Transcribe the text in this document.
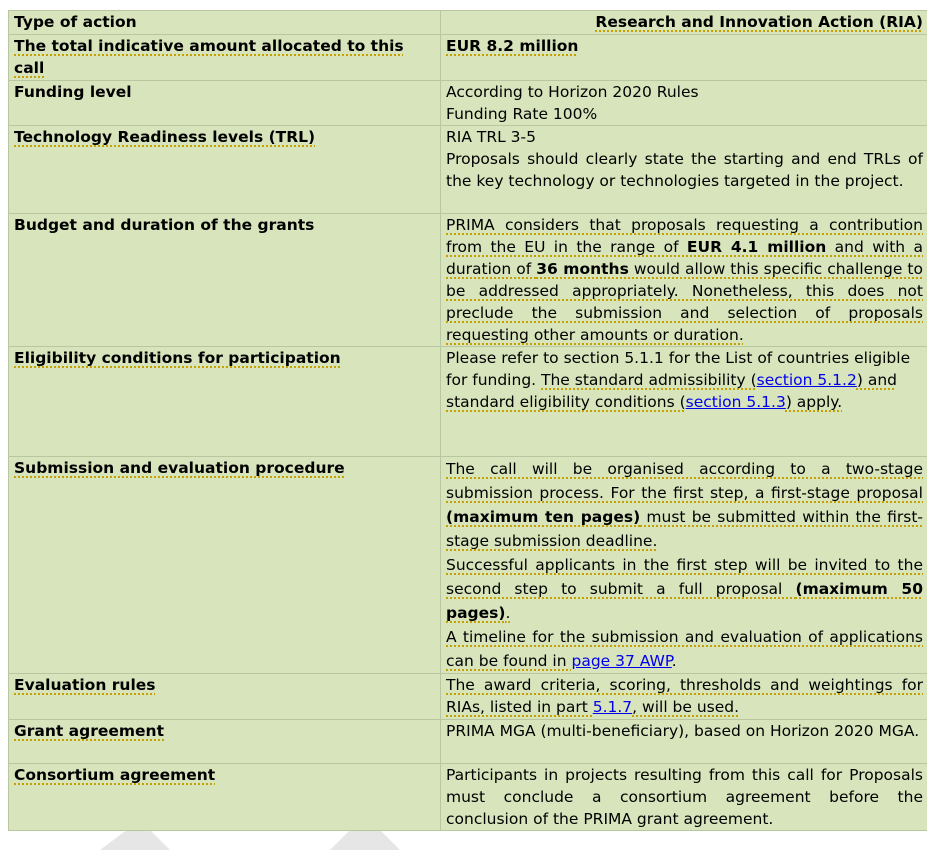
Type of action	Research and Innovation Action (RIA)
The total indicative amount allocated to this call	EUR 8.2 million
Funding level	According to Horizon 2020 Rules
Funding Rate 100%

Technology Readiness levels (TRL)	RIA TRL 3-5
Proposals should clearly state the starting and end TRLs of the key technology or technologies targeted in the project.

Budget and duration of the grants	PRIMA considers that proposals requesting a contribution from the EU in the range of EUR 4.1 million and with a duration of 36 months would allow this specific challenge to be addressed appropriately. Nonetheless, this does not preclude the submission and selection of proposals requesting other amounts or duration.
Eligibility conditions for participation	Please refer to section 5.1.1 for the List of countries eligible for funding. The standard admissibility (section 5.1.2) and standard eligibility conditions (section 5.1.3) apply.
Submission and evaluation procedure	The call will be organised according to a two-stage submission process. For the first step, a first-stage proposal (maximum ten pages) must be submitted within the first-stage submission deadline.
Successful applicants in the first step will be invited to the second step to submit a full proposal (maximum 50 pages).
A timeline for the submission and evaluation of applications can be found in page 37 AWP.

Evaluation rules	The award criteria, scoring, thresholds and weightings for RIAs, listed in part 5.1.7, will be used.
Grant agreement	PRIMA MGA (multi-beneficiary), based on Horizon 2020 MGA.
Consortium agreement	Participants in projects resulting from this call for Proposals must conclude a consortium agreement before the conclusion of the PRIMA grant agreement.
